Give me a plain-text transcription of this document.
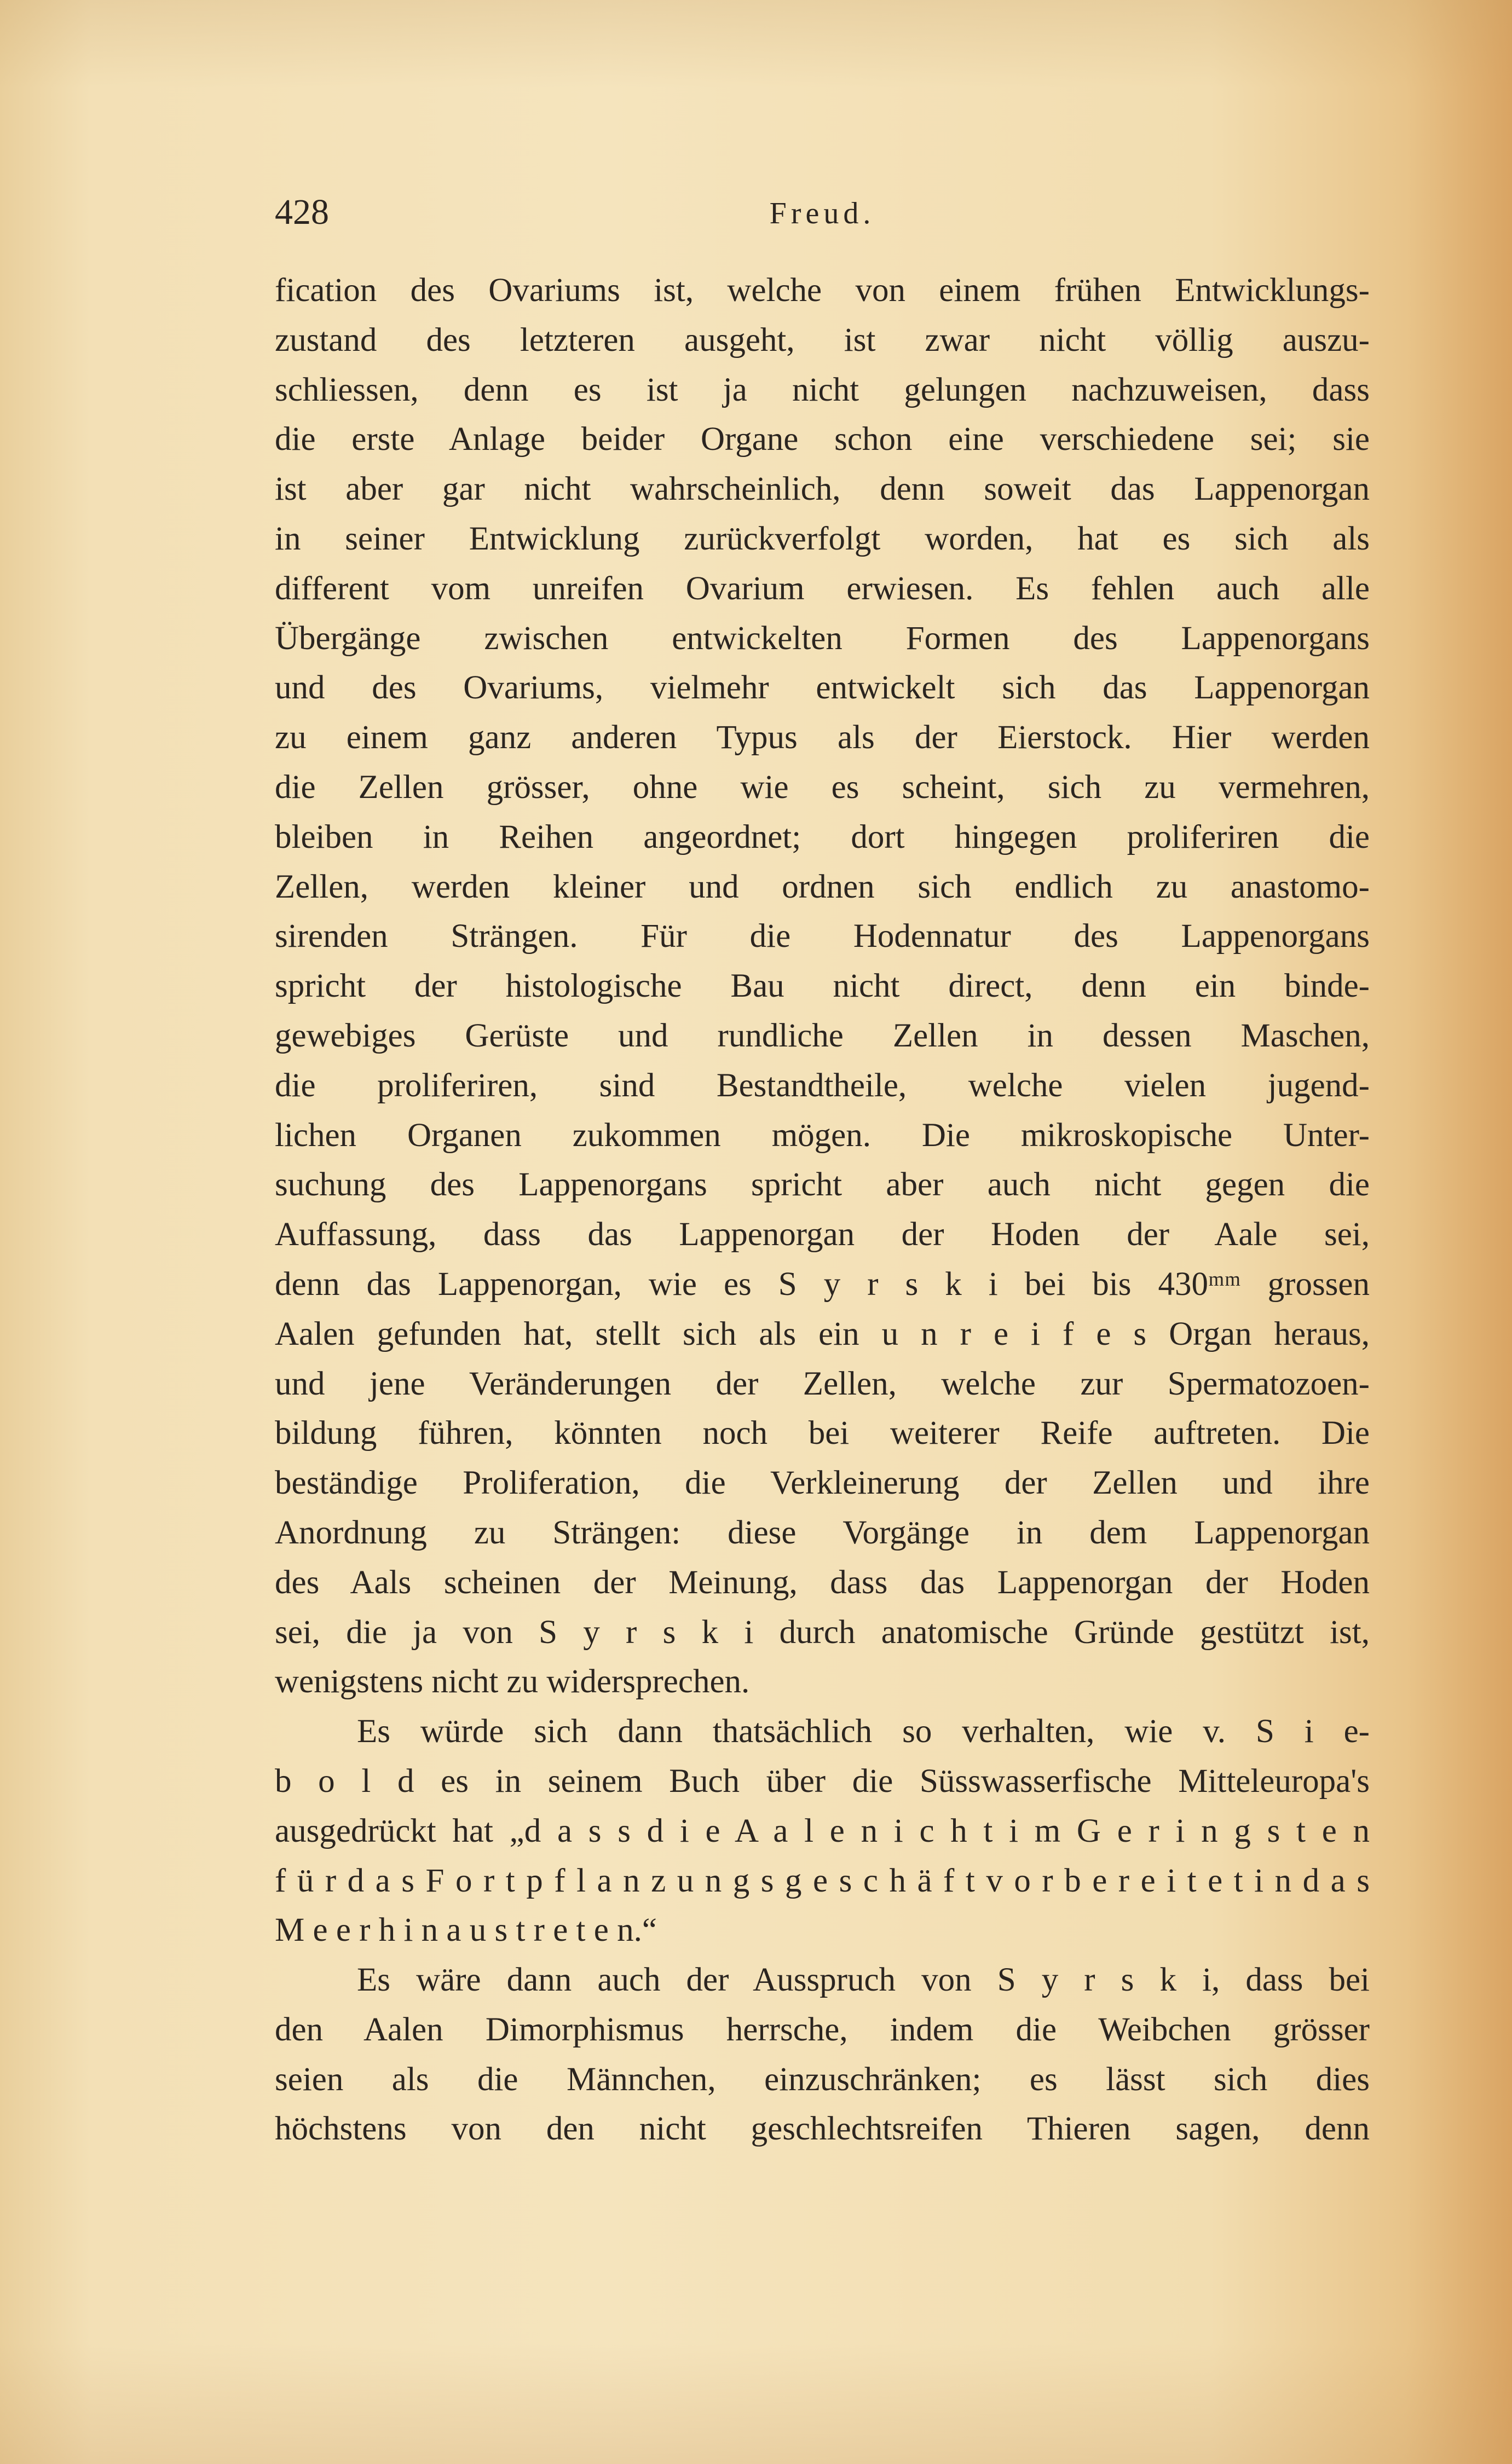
428	Freud.
fication des Ovariums ist, welche von einem frühen Entwicklungs-
zustand des letzteren ausgeht, ist zwar nicht völlig auszu-
schliessen, denn es ist ja nicht gelungen nachzuweisen, dass
die erste Anlage beider Organe schon eine verschiedene sei; sie
ist aber gar nicht wahrscheinlich, denn soweit das Lappenorgan
in seiner Entwicklung zurückverfolgt worden, hat es sich als
different vom unreifen Ovarium erwiesen. Es fehlen auch alle
Übergänge zwischen entwickelten Formen des Lappenorgans
und des Ovariums, vielmehr entwickelt sich das Lappenorgan
zu einem ganz anderen Typus als der Eierstock. Hier werden
die Zellen grösser, ohne wie es scheint, sich zu vermehren,
bleiben in Reihen angeordnet; dort hingegen proliferiren die
Zellen, werden kleiner und ordnen sich endlich zu anastomo-
sirenden Strängen. Für die Hodennatur des Lappenorgans
spricht der histologische Bau nicht direct, denn ein binde-
gewebiges Gerüste und rundliche Zellen in dessen Maschen,
die proliferiren, sind Bestandtheile, welche vielen jugend-
lichen Organen zukommen mögen. Die mikroskopische Unter-
suchung des Lappenorgans spricht aber auch nicht gegen die
Auffassung, dass das Lappenorgan der Hoden der Aale sei,
denn das Lappenorgan, wie es S y r s k i bei bis 430ᵐᵐ grossen
Aalen gefunden hat, stellt sich als ein u n r e i f e s Organ heraus,
und jene Veränderungen der Zellen, welche zur Spermatozoen-
bildung führen, könnten noch bei weiterer Reife auftreten. Die
beständige Proliferation, die Verkleinerung der Zellen und ihre
Anordnung zu Strängen: diese Vorgänge in dem Lappenorgan
des Aals scheinen der Meinung, dass das Lappenorgan der Hoden
sei, die ja von S y r s k i durch anatomische Gründe gestützt ist,
wenigstens nicht zu widersprechen.
Es würde sich dann thatsächlich so verhalten, wie v. S i e-
b o l d es in seinem Buch über die Süsswasserfische Mitteleuropa's
ausgedrückt hat „d a s s d i e A a l e n i c h t i m G e r i n g s t e n
f ü r d a s F o r t p f l a n z u n g s g e s c h ä f t v o r b e r e i t e t i n d a s
M e e r h i n a u s t r e t e n.“
Es wäre dann auch der Ausspruch von S y r s k i, dass bei
den Aalen Dimorphismus herrsche, indem die Weibchen grösser
seien als die Männchen, einzuschränken; es lässt sich dies
höchstens von den nicht geschlechtsreifen Thieren sagen, denn
